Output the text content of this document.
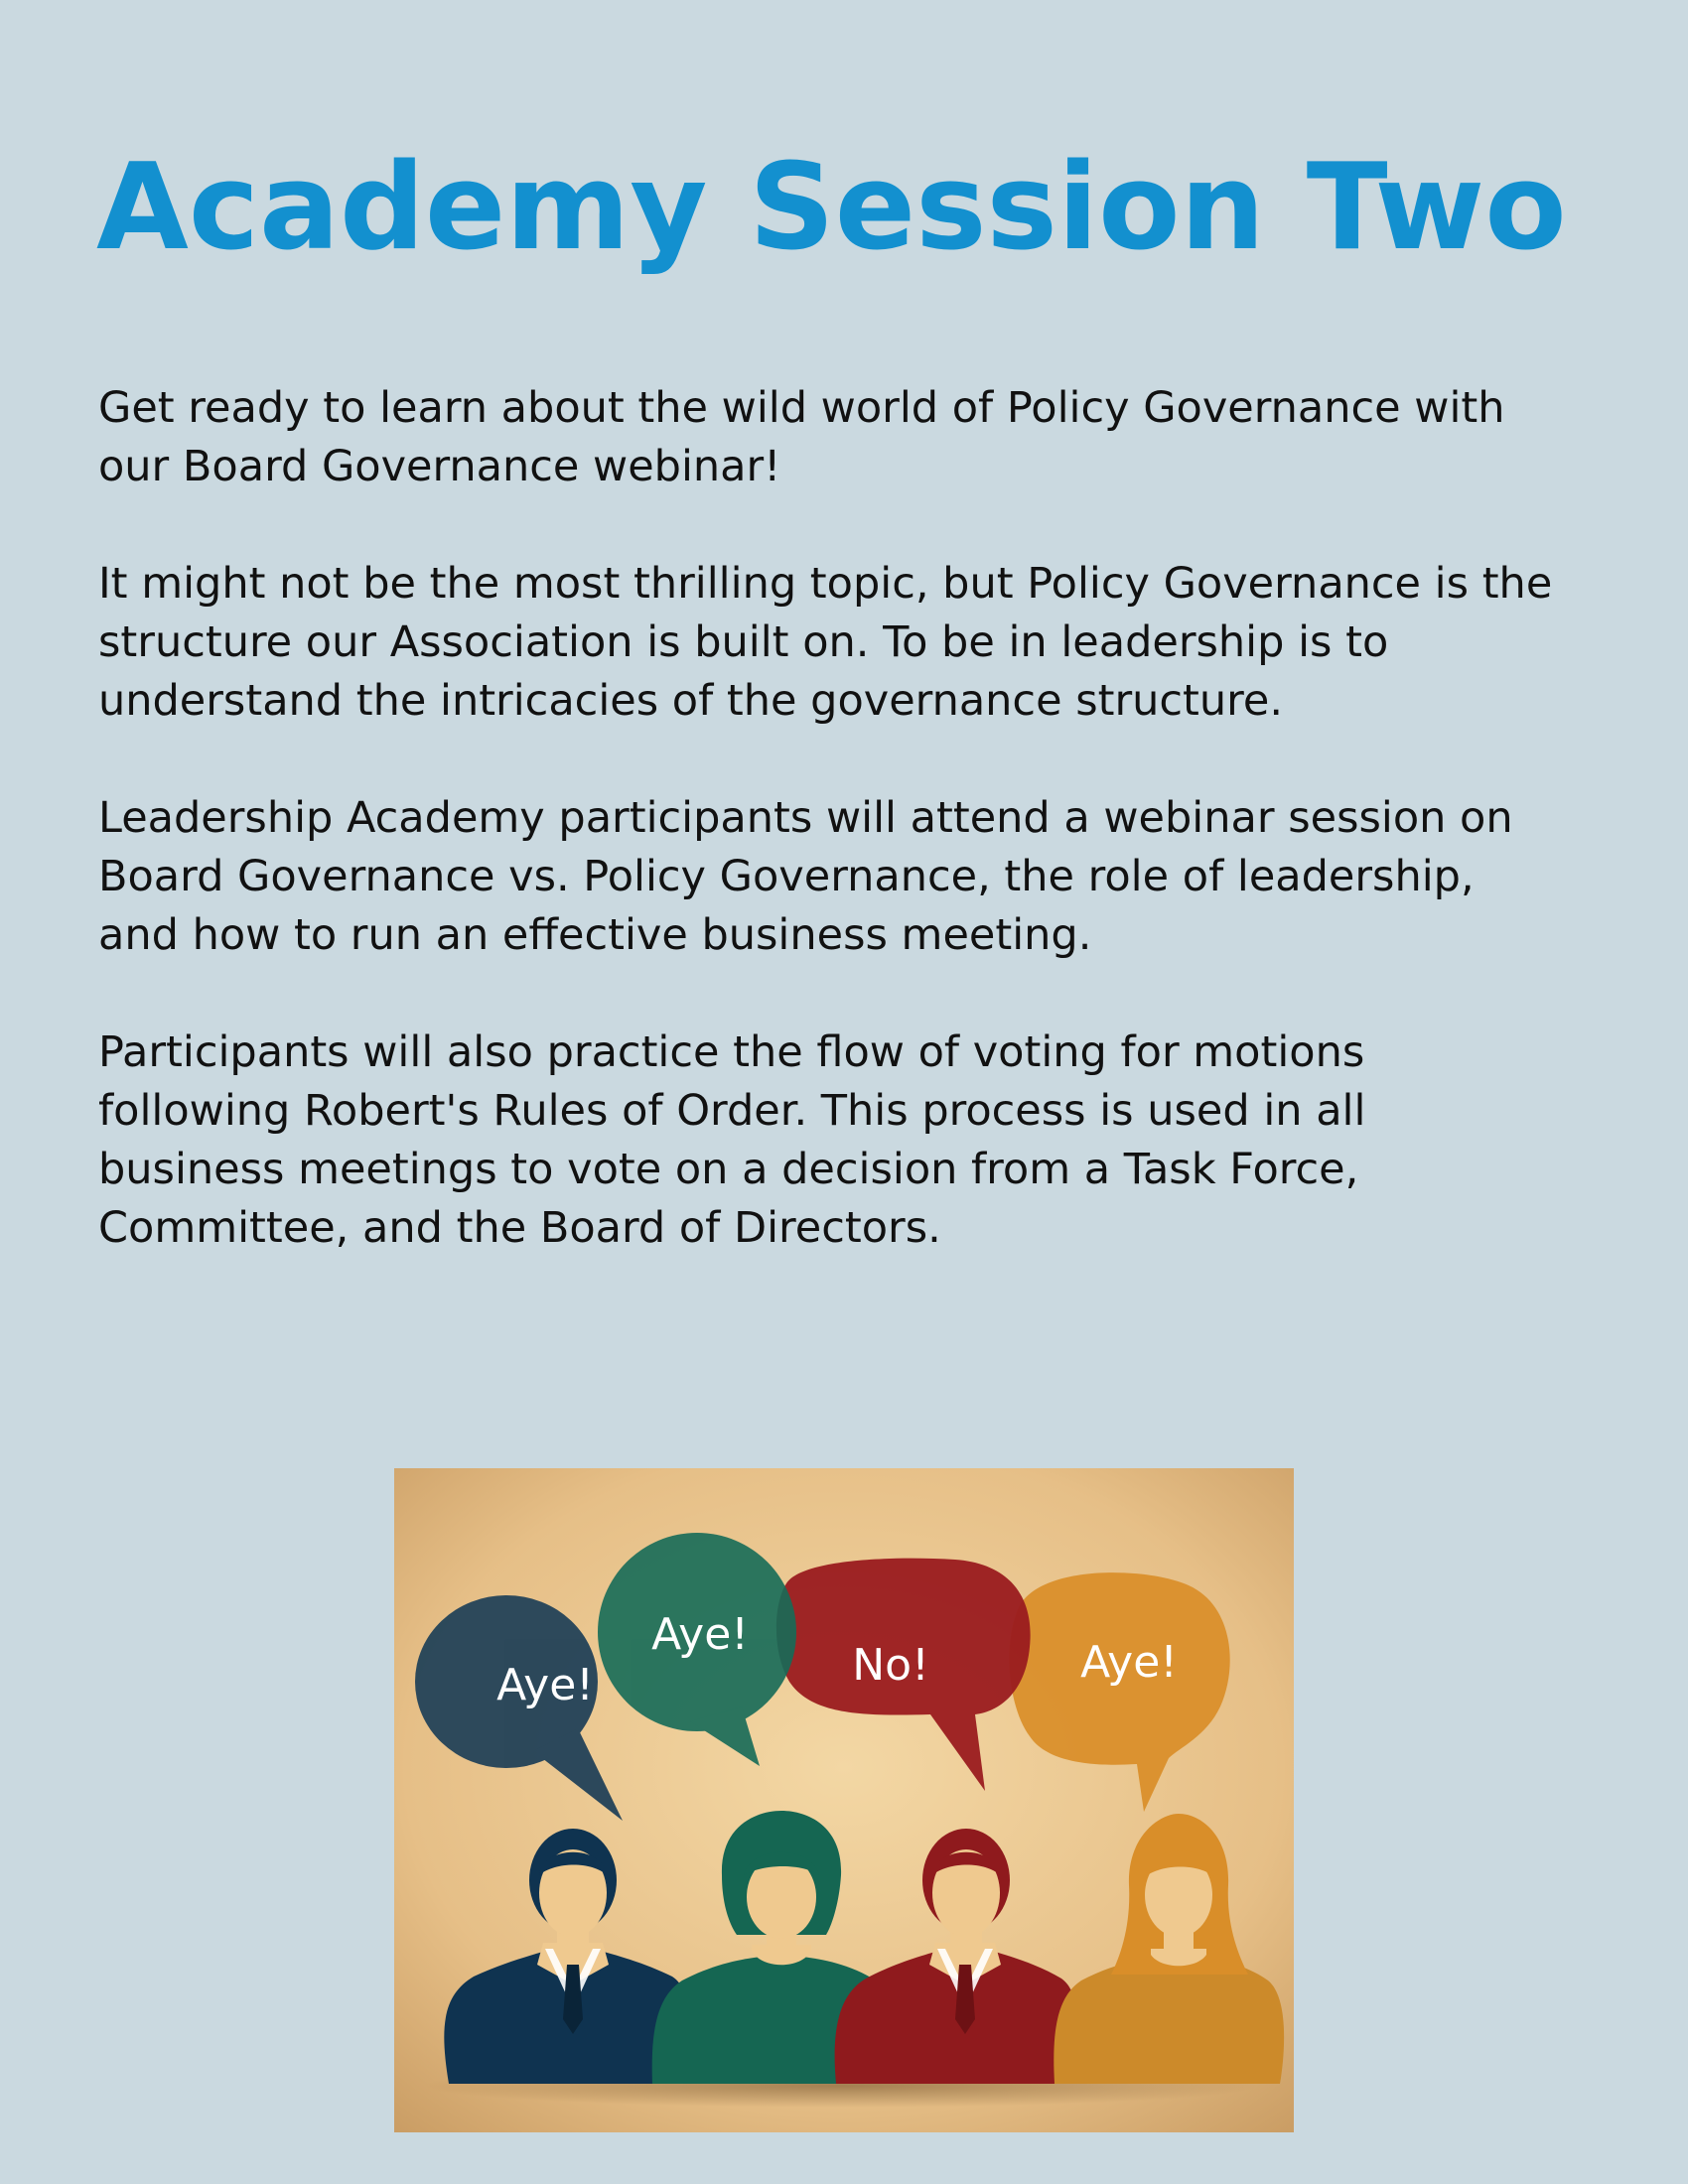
Academy Session Two

Get ready to learn about the wild world of Policy Governance with our Board Governance webinar!

It might not be the most thrilling topic, but Policy Governance is the structure our Association is built on. To be in leadership is to understand the intricacies of the governance structure.

Leadership Academy participants will attend a webinar session on Board Governance vs. Policy Governance, the role of leadership, and how to run an effective business meeting.

Participants will also practice the flow of voting for motions following Robert's Rules of Order. This process is used in all business meetings to vote on a decision from a Task Force, Committee, and the Board of Directors.

Aye!
Aye!
No!	Aye!
